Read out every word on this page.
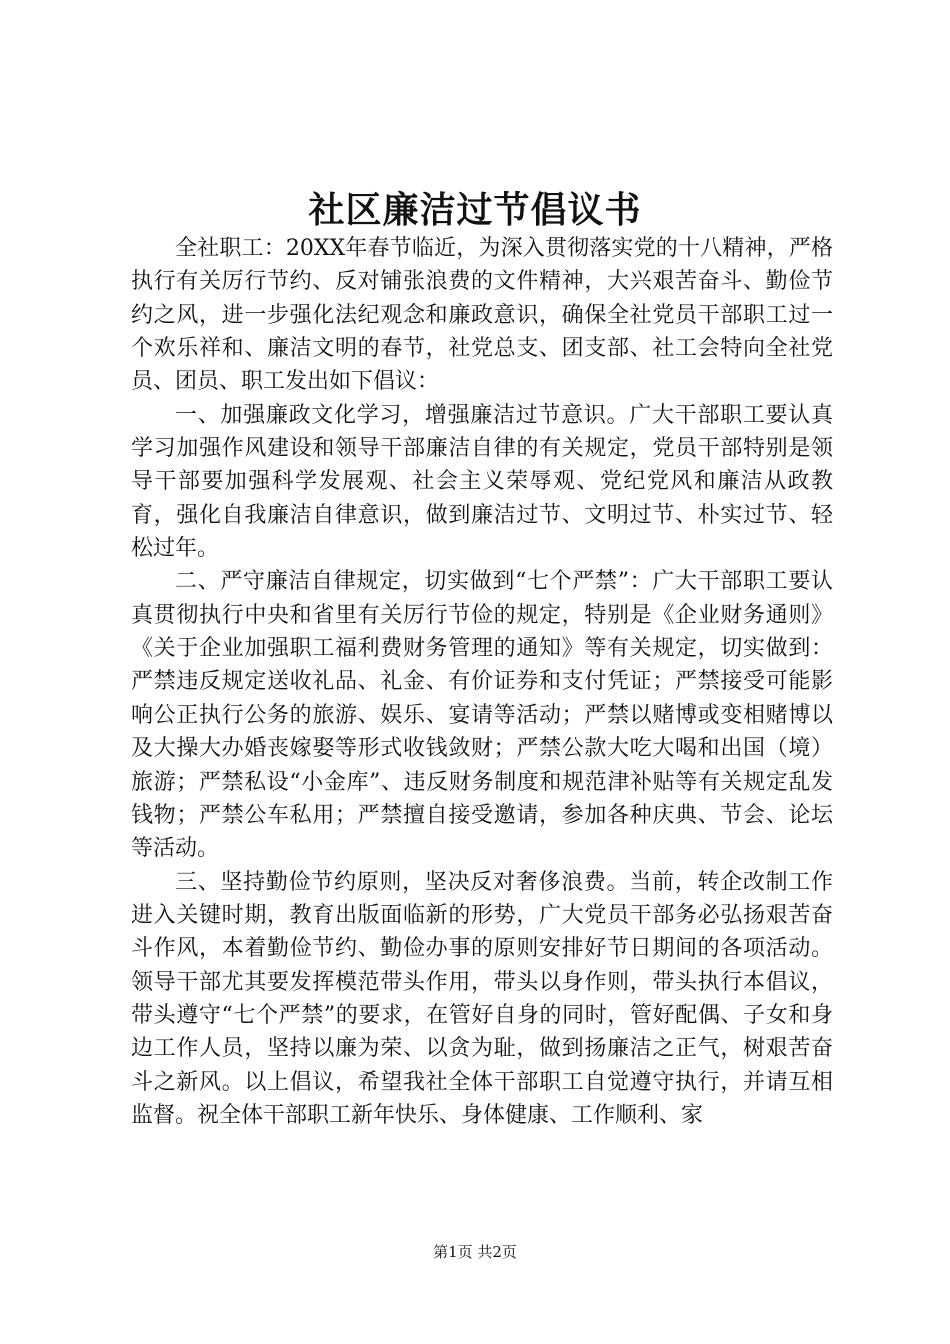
社区廉洁过节倡议书

全社职工：20XX年春节临近，为深入贯彻落实党的十八精神，严格执行有关厉行节约、反对铺张浪费的文件精神，大兴艰苦奋斗、勤俭节约之风，进一步强化法纪观念和廉政意识，确保全社党员干部职工过一个欢乐祥和、廉洁文明的春节，社党总支、团支部、社工会特向全社党员、团员、职工发出如下倡议：

一、加强廉政文化学习，增强廉洁过节意识。广大干部职工要认真学习加强作风建设和领导干部廉洁自律的有关规定，党员干部特别是领导干部要加强科学发展观、社会主义荣辱观、党纪党风和廉洁从政教育，强化自我廉洁自律意识，做到廉洁过节、文明过节、朴实过节、轻松过年。

二、严守廉洁自律规定，切实做到“七个严禁”：广大干部职工要认真贯彻执行中央和省里有关厉行节俭的规定，特别是《企业财务通则》《关于企业加强职工福利费财务管理的通知》等有关规定，切实做到：严禁违反规定送收礼品、礼金、有价证券和支付凭证；严禁接受可能影响公正执行公务的旅游、娱乐、宴请等活动；严禁以赌博或变相赌博以及大操大办婚丧嫁娶等形式收钱敛财；严禁公款大吃大喝和出国（境）旅游；严禁私设“小金库”、违反财务制度和规范津补贴等有关规定乱发钱物；严禁公车私用；严禁擅自接受邀请，参加各种庆典、节会、论坛等活动。

三、坚持勤俭节约原则，坚决反对奢侈浪费。当前，转企改制工作进入关键时期，教育出版面临新的形势，广大党员干部务必弘扬艰苦奋斗作风，本着勤俭节约、勤俭办事的原则安排好节日期间的各项活动。领导干部尤其要发挥模范带头作用，带头以身作则，带头执行本倡议，带头遵守“七个严禁”的要求，在管好自身的同时，管好配偶、子女和身边工作人员，坚持以廉为荣、以贪为耻，做到扬廉洁之正气，树艰苦奋斗之新风。以上倡议，希望我社全体干部职工自觉遵守执行，并请互相监督。祝全体干部职工新年快乐、身体健康、工作顺利、家

第1页 共2页
